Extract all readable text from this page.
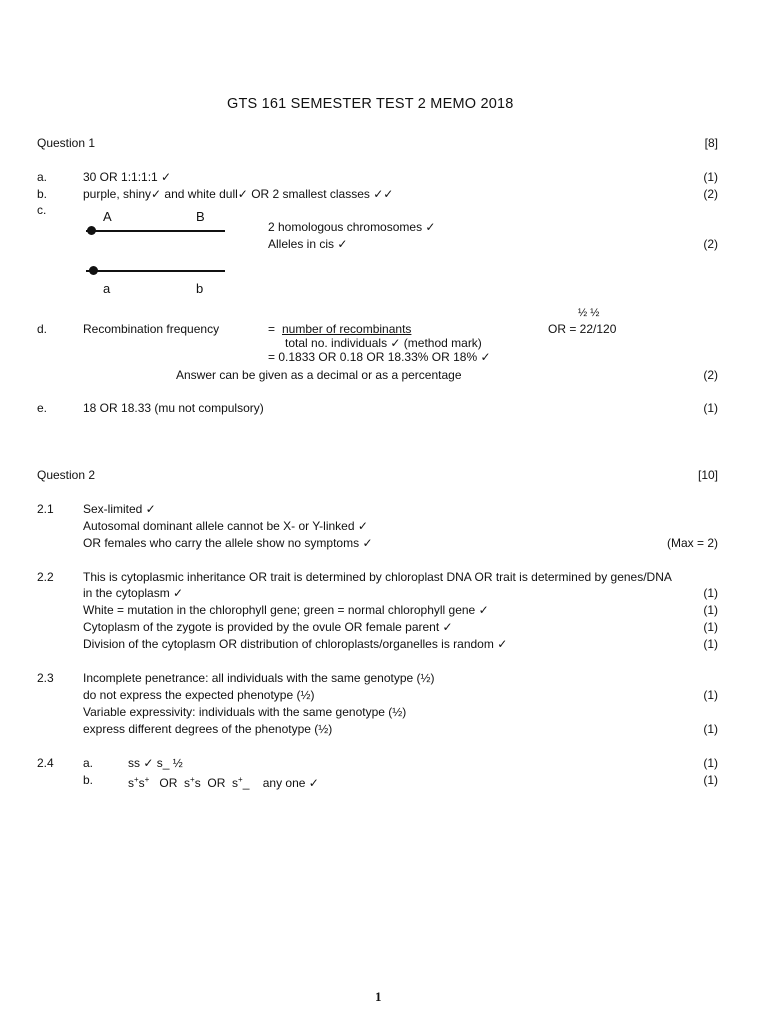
GTS 161 SEMESTER TEST 2 MEMO 2018
Question 1	[8]
a.	30 OR 1:1:1:1 ✓	(1)
b.	purple, shiny✓ and white dull✓ OR 2 smallest classes ✓✓	(2)
c.	A	B
a	b
2 homologous chromosomes ✓
Alleles in cis ✓	(2)
½ ½
d.	Recombination frequency	= number of recombinants	OR = 22/120
total no. individuals ✓ (method mark)
= 0.1833 OR 0.18 OR 18.33% OR 18% ✓
Answer can be given as a decimal or as a percentage	(2)
e.	18 OR 18.33 (mu not compulsory)	(1)
Question 2	[10]
2.1 Sex-limited ✓
Autosomal dominant allele cannot be X- or Y-linked ✓
OR females who carry the allele show no symptoms ✓	(Max = 2)
2.2 This is cytoplasmic inheritance OR trait is determined by chloroplast DNA OR trait is determined by genes/DNA
in the cytoplasm ✓	(1)
White = mutation in the chlorophyll gene; green = normal chlorophyll gene ✓	(1)
Cytoplasm of the zygote is provided by the ovule OR female parent ✓	(1)
Division of the cytoplasm OR distribution of chloroplasts/organelles is random ✓	(1)
2.3 Incomplete penetrance: all individuals with the same genotype (½)
do not express the expected phenotype (½)	(1)
Variable expressivity: individuals with the same genotype (½)
express different degrees of the phenotype (½)	(1)
2.4 a.	ss ✓ s_ ½	(1)
b.	s+s+ OR s+s OR s+_ any one ✓	(1)
1
